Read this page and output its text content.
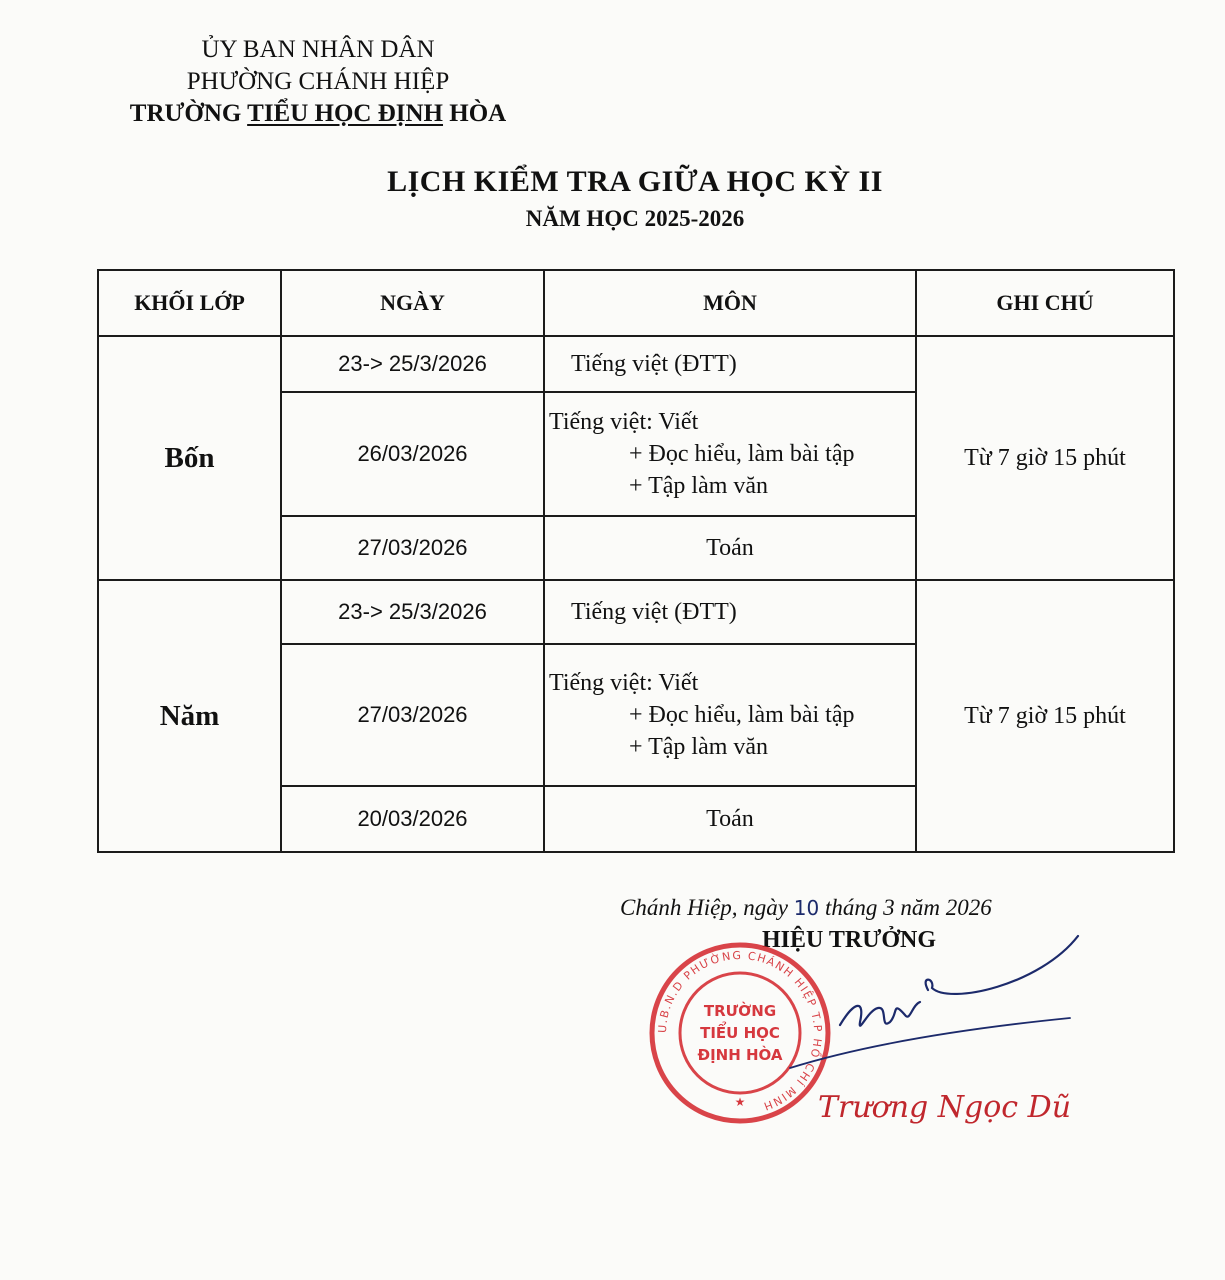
ỦY BAN NHÂN DÂN
PHƯỜNG CHÁNH HIỆP
TRƯỜNG TIỂU HỌC ĐỊNH HÒA
LỊCH KIỂM TRA GIỮA HỌC KỲ II
NĂM HỌC 2025-2026
KHỐI LỚP	NGÀY	MÔN	GHI CHÚ
Bốn	23-> 25/3/2026	Tiếng việt (ĐTT)	Từ 7 giờ 15 phút
	26/03/2026	Tiếng việt: Viết
+ Đọc hiểu, làm bài tập
+ Tập làm văn	

	27/03/2026	Toán	
Năm	23-> 25/3/2026	Tiếng việt (ĐTT)	Từ 7 giờ 15 phút
	27/03/2026	Tiếng việt: Viết
+ Đọc hiểu, làm bài tập
+ Tập làm văn	

	20/03/2026	Toán	
Chánh Hiệp, ngày 10 tháng 3 năm 2026
HIỆU TRƯỞNG
U.B.N.D PHƯỜNG CHÁNH HIỆP T.P HỒ CHÍ MINH
TRƯỜNG
TIỂU HỌC
ĐỊNH HÒA
★ Trương Ngọc Dũ
